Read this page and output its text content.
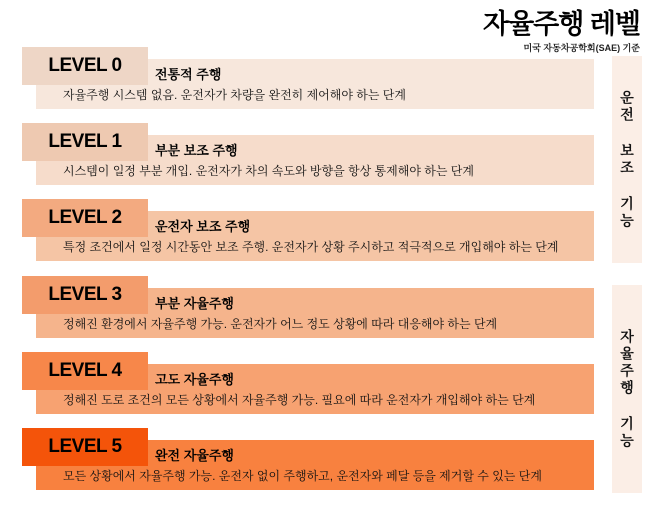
자율주행 레벨
미국 자동차공학회(SAE) 기준
LEVEL 0	전통적 주행
자율주행 시스템 없음. 운전자가 차량을 완전히 제어해야 하는 단계
LEVEL 1	부분 보조 주행
시스템이 일정 부분 개입. 운전자가 차의 속도와 방향을 항상 통제해야 하는 단계
LEVEL 2	운전자 보조 주행
특정 조건에서 일정 시간동안 보조 주행. 운전자가 상황 주시하고 적극적으로 개입해야 하는 단계
LEVEL 3	부분 자율주행
정해진 환경에서 자율주행 가능. 운전자가 어느 정도 상황에 따라 대응해야 하는 단계
LEVEL 4	고도 자율주행
정해진 도로 조건의 모든 상황에서 자율주행 가능. 필요에 따라 운전자가 개입해야 하는 단계
LEVEL 5	완전 자율주행
모든 상황에서 자율주행 가능. 운전자 없이 주행하고, 운전자와 페달 등을 제거할 수 있는 단계
운전 보조 기능
자율주행 기능
